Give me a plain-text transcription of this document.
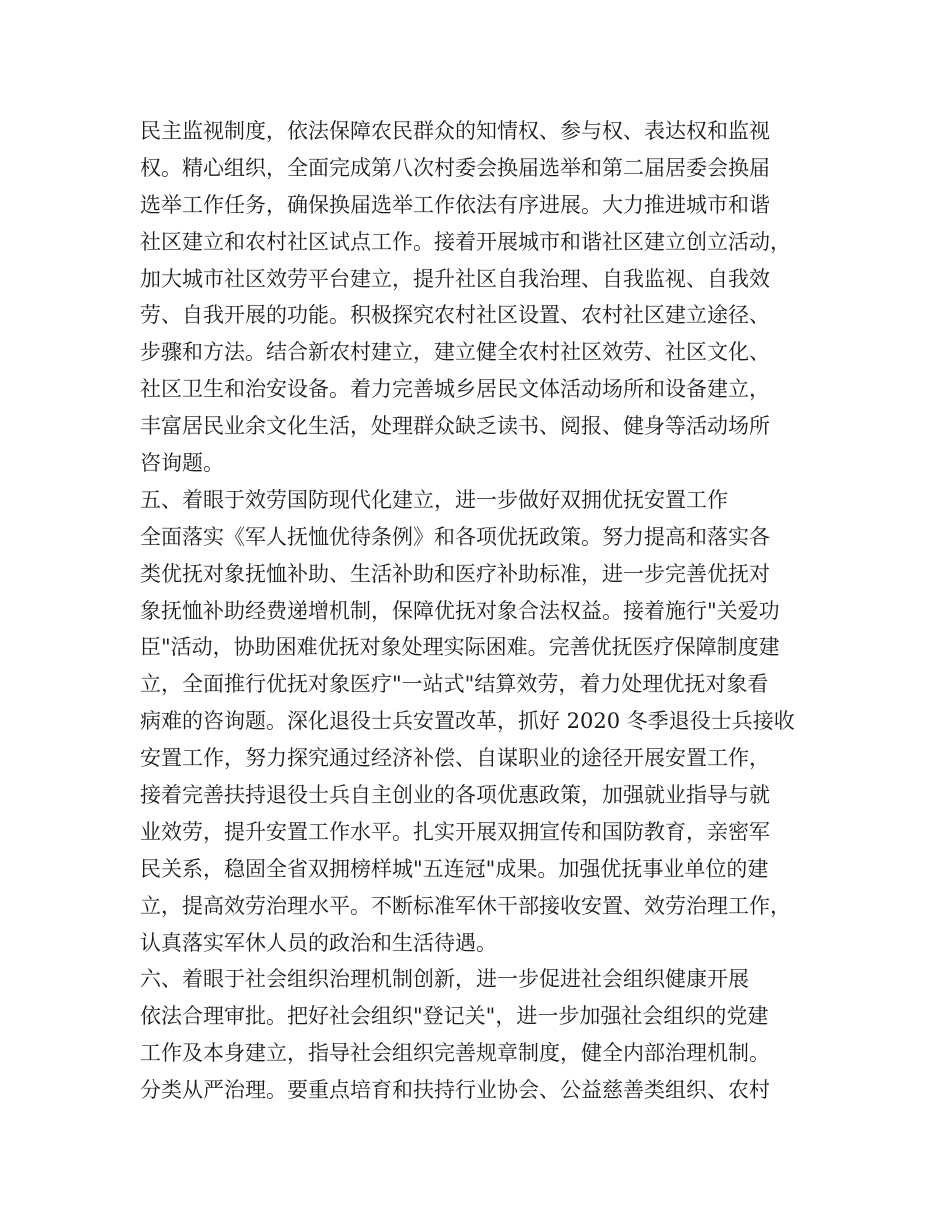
民主监视制度，依法保障农民群众的知情权、参与权、表达权和监视
权。精心组织，全面完成第八次村委会换届选举和第二届居委会换届
选举工作任务，确保换届选举工作依法有序进展。大力推进城市和谐
社区建立和农村社区试点工作。接着开展城市和谐社区建立创立活动，
加大城市社区效劳平台建立，提升社区自我治理、自我监视、自我效
劳、自我开展的功能。积极探究农村社区设置、农村社区建立途径、
步骤和方法。结合新农村建立，建立健全农村社区效劳、社区文化、
社区卫生和治安设备。着力完善城乡居民文体活动场所和设备建立，
丰富居民业余文化生活，处理群众缺乏读书、阅报、健身等活动场所
咨询题。
五、着眼于效劳国防现代化建立，进一步做好双拥优抚安置工作
全面落实《军人抚恤优待条例》和各项优抚政策。努力提高和落实各
类优抚对象抚恤补助、生活补助和医疗补助标准，进一步完善优抚对
象抚恤补助经费递增机制，保障优抚对象合法权益。接着施行"关爱功
臣"活动，协助困难优抚对象处理实际困难。完善优抚医疗保障制度建
立，全面推行优抚对象医疗"一站式"结算效劳，着力处理优抚对象看
病难的咨询题。深化退役士兵安置改革，抓好 2020 冬季退役士兵接收
安置工作，努力探究通过经济补偿、自谋职业的途径开展安置工作，
接着完善扶持退役士兵自主创业的各项优惠政策，加强就业指导与就
业效劳，提升安置工作水平。扎实开展双拥宣传和国防教育，亲密军
民关系，稳固全省双拥榜样城"五连冠"成果。加强优抚事业单位的建
立，提高效劳治理水平。不断标准军休干部接收安置、效劳治理工作，
认真落实军休人员的政治和生活待遇。
六、着眼于社会组织治理机制创新，进一步促进社会组织健康开展
依法合理审批。把好社会组织"登记关"，进一步加强社会组织的党建
工作及本身建立，指导社会组织完善规章制度，健全内部治理机制。
分类从严治理。要重点培育和扶持行业协会、公益慈善类组织、农村
